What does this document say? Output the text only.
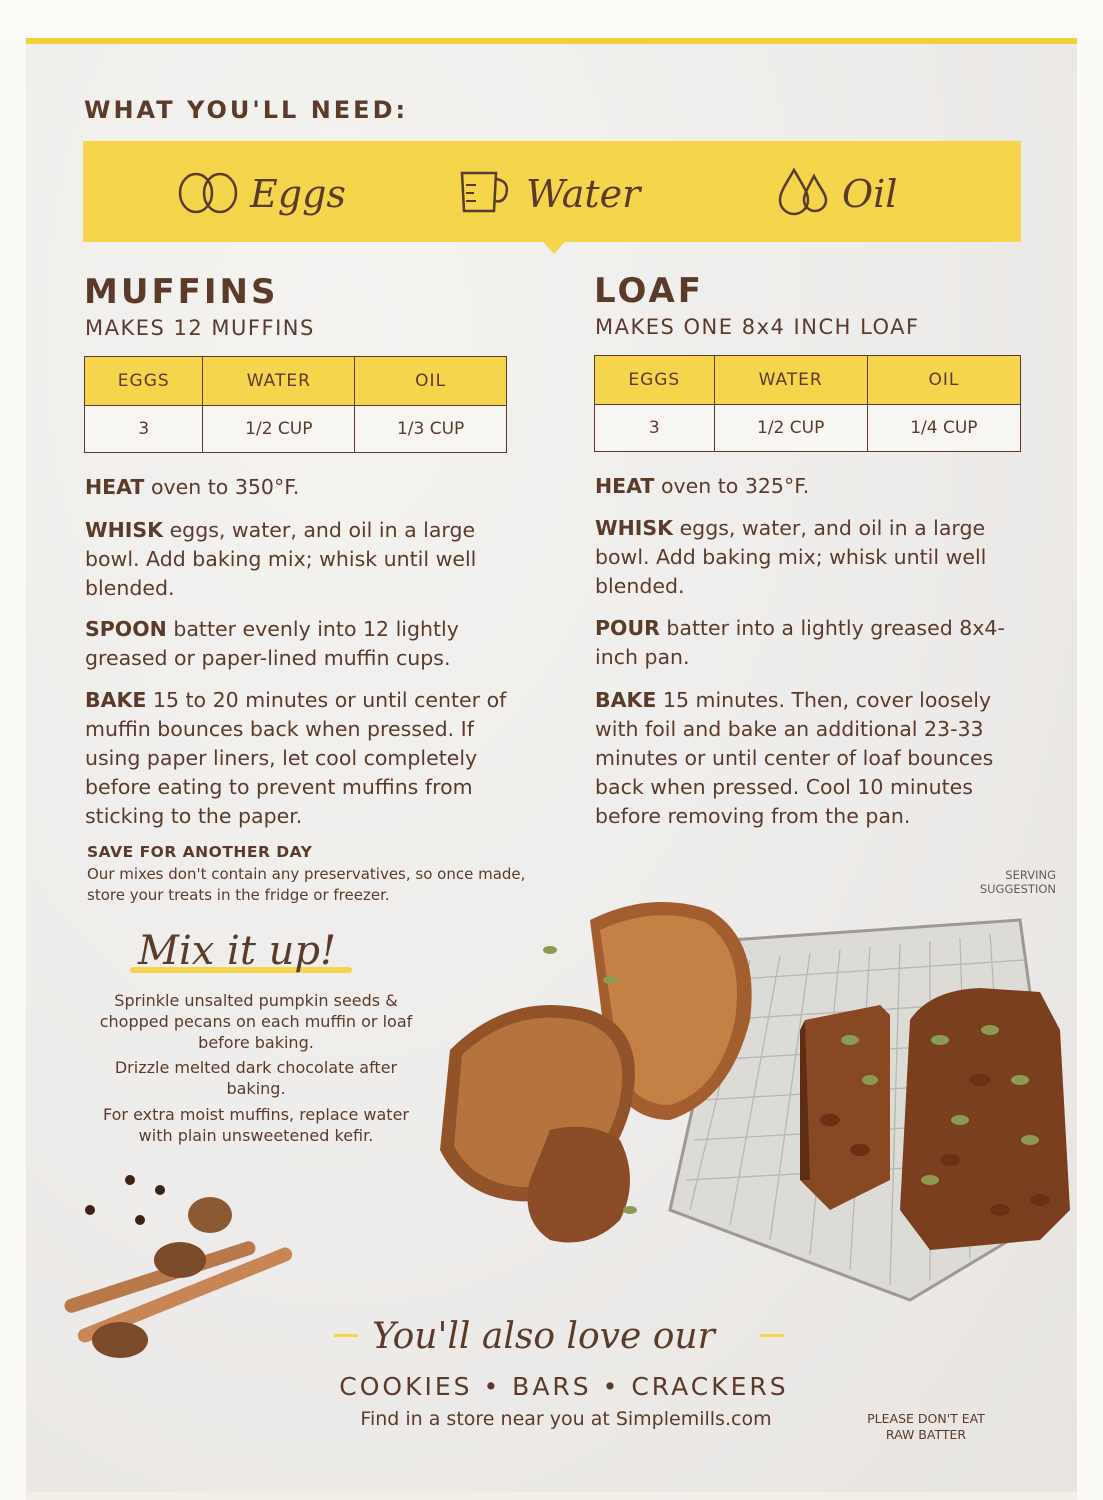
WHAT YOU'LL NEED:
Eggs	Water	Oil
MUFFINS
MAKES 12 MUFFINS
EGGS	WATER	OIL
3	1/2 CUP	1/3 CUP
HEAT oven to 350°F.
WHISK eggs, water, and oil in a large bowl. Add baking mix; whisk until well blended.
SPOON batter evenly into 12 lightly greased or paper-lined muffin cups.
BAKE 15 to 20 minutes or until center of muffin bounces back when pressed. If using paper liners, let cool completely before eating to prevent muffins from sticking to the paper.
SAVE FOR ANOTHER DAY
Our mixes don't contain any preservatives, so once made, store your treats in the fridge or freezer.
LOAF
MAKES ONE 8x4 INCH LOAF
EGGS	WATER	OIL
3	1/2 CUP	1/4 CUP
HEAT oven to 325°F.
WHISK eggs, water, and oil in a large bowl. Add baking mix; whisk until well blended.
POUR batter into a lightly greased 8x4-inch pan.
BAKE 15 minutes. Then, cover loosely with foil and bake an additional 23-33 minutes or until center of loaf bounces back when pressed. Cool 10 minutes before removing from the pan.
SERVING
SUGGESTION
Mix it up!
Sprinkle unsalted pumpkin seeds & chopped pecans on each muffin or loaf before baking.
Drizzle melted dark chocolate after baking.
For extra moist muffins, replace water with plain unsweetened kefir.
You'll also love our
COOKIES • BARS • CRACKERS
Find in a store near you at Simplemills.com	PLEASE DON'T EAT
RAW BATTER
